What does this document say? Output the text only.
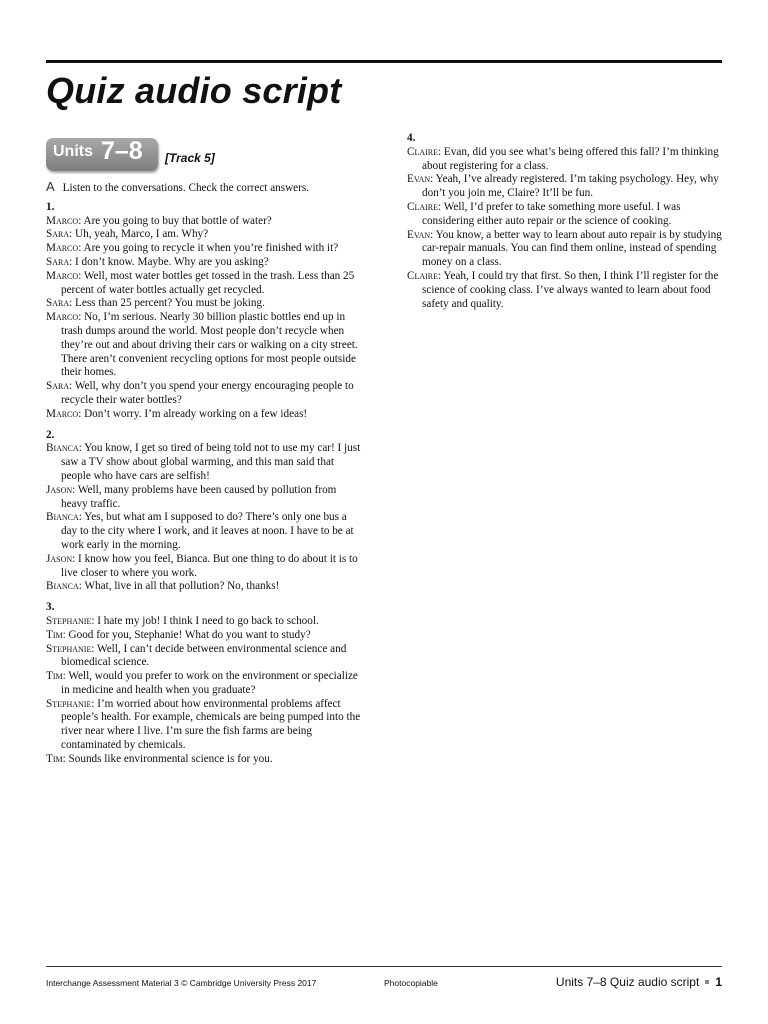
Quiz audio script
Units 7–8 [Track 5]
A Listen to the conversations. Check the correct answers.
1.
Marco: Are you going to buy that bottle of water?
Sara: Uh, yeah, Marco, I am. Why?
Marco: Are you going to recycle it when you’re finished with it?
Sara: I don’t know. Maybe. Why are you asking?
Marco: Well, most water bottles get tossed in the trash. Less than 25 percent of water bottles actually get recycled.
Sara: Less than 25 percent? You must be joking.
Marco: No, I’m serious. Nearly 30 billion plastic bottles end up in trash dumps around the world. Most people don’t recycle when they’re out and about driving their cars or walking on a city street. There aren’t convenient recycling options for most people outside their homes.
Sara: Well, why don’t you spend your energy encouraging people to recycle their water bottles?
Marco: Don’t worry. I’m already working on a few ideas!
2.
Bianca: You know, I get so tired of being told not to use my car! I just saw a TV show about global warming, and this man said that people who have cars are selfish!
Jason: Well, many problems have been caused by pollution from heavy traffic.
Bianca: Yes, but what am I supposed to do? There’s only one bus a day to the city where I work, and it leaves at noon. I have to be at work early in the morning.
Jason: I know how you feel, Bianca. But one thing to do about it is to live closer to where you work.
Bianca: What, live in all that pollution? No, thanks!
3.
Stephanie: I hate my job! I think I need to go back to school.
Tim: Good for you, Stephanie! What do you want to study?
Stephanie: Well, I can’t decide between environmental science and biomedical science.
Tim: Well, would you prefer to work on the environment or specialize in medicine and health when you graduate?
Stephanie: I’m worried about how environmental problems affect people’s health. For example, chemicals are being pumped into the river near where I live. I’m sure the fish farms are being contaminated by chemicals.
Tim: Sounds like environmental science is for you.
4.
Claire: Evan, did you see what’s being offered this fall? I’m thinking about registering for a class.
Evan: Yeah, I’ve already registered. I’m taking psychology. Hey, why don’t you join me, Claire? It’ll be fun.
Claire: Well, I’d prefer to take something more useful. I was considering either auto repair or the science of cooking.
Evan: You know, a better way to learn about auto repair is by studying car-repair manuals. You can find them online, instead of spending money on a class.
Claire: Yeah, I could try that first. So then, I think I’ll register for the science of cooking class. I’ve always wanted to learn about food safety and quality.
Interchange Assessment Material 3 © Cambridge University Press 2017	Photocopiable	Units 7–8 Quiz audio script 1
